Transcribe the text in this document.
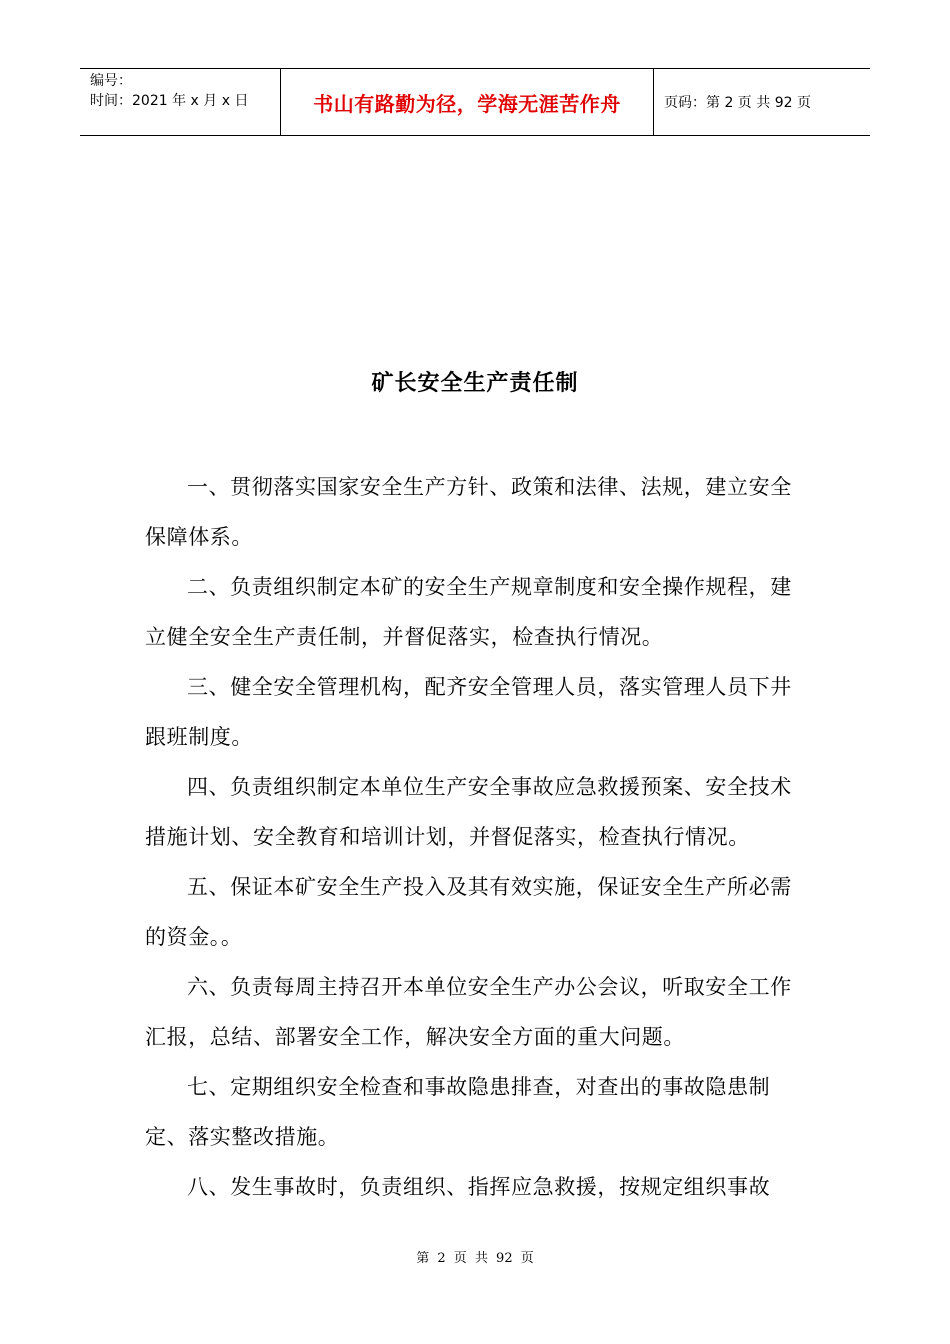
编号：
时间：2021 年 x 月 x 日	书山有路勤为径，学海无涯苦作舟	页码：第 2 页 共 92 页
矿长安全生产责任制

一、贯彻落实国家安全生产方针、政策和法律、法规，建立安全保障体系。

二、负责组织制定本矿的安全生产规章制度和安全操作规程，建立健全安全生产责任制，并督促落实，检查执行情况。

三、健全安全管理机构，配齐安全管理人员，落实管理人员下井跟班制度。

四、负责组织制定本单位生产安全事故应急救援预案、安全技术措施计划、安全教育和培训计划，并督促落实，检查执行情况。

五、保证本矿安全生产投入及其有效实施，保证安全生产所必需的资金。。

六、负责每周主持召开本单位安全生产办公会议，听取安全工作汇报，总结、部署安全工作，解决安全方面的重大问题。

七、定期组织安全检查和事故隐患排查，对查出的事故隐患制定、落实整改措施。

八、发生事故时，负责组织、指挥应急救援，按规定组织事故

第 2 页 共 92 页
